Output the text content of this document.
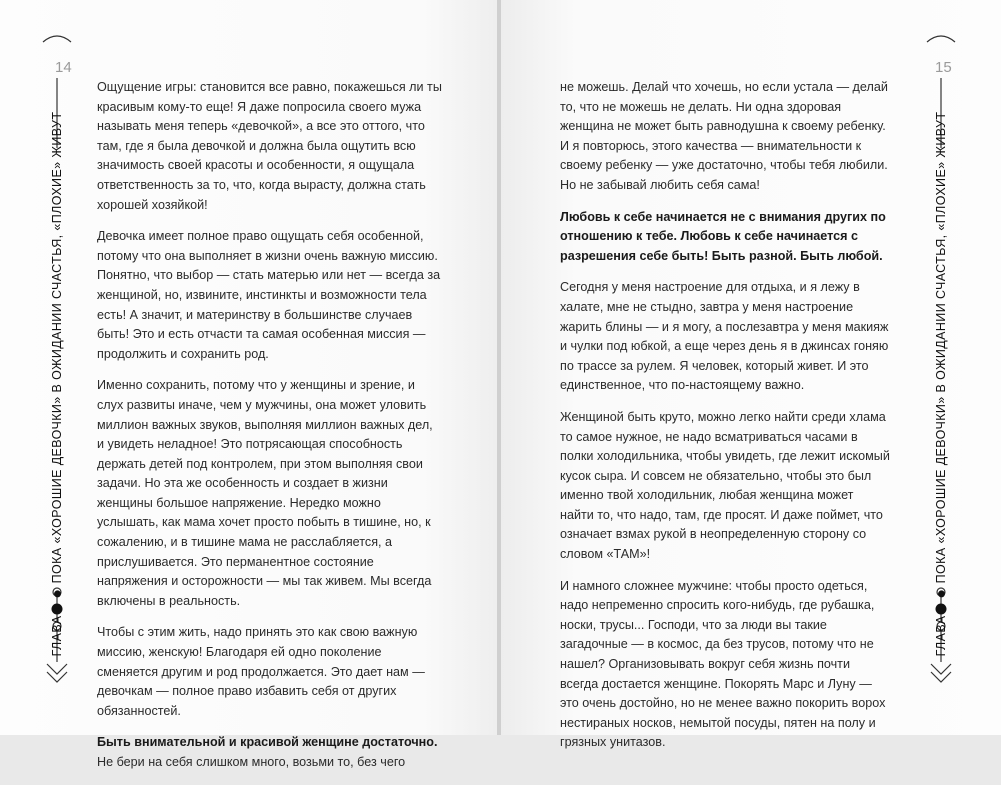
14
ГЛАВА 1ПОКА «ХОРОШИЕ ДЕВОЧКИ» В ОЖИДАНИИ СЧАСТЬЯ, «ПЛОХИЕ» ЖИВУТ

Ощущение игры: становится все равно, покажешься ли ты красивым кому-то еще! Я даже попросила своего мужа называть меня теперь «девочкой», а все это оттого, что там, где я была девочкой и должна была ощутить всю значимость своей красоты и особенности, я ощущала ответственность за то, что, когда вырасту, должна стать хорошей хозяйкой!

Девочка имеет полное право ощущать себя особенной, потому что она выполняет в жизни очень важную миссию. Понятно, что выбор — стать матерью или нет — всегда за женщиной, но, извините, инстинкты и возможности тела есть! А значит, и материнству в большинстве случаев быть! Это и есть отчасти та самая особенная миссия — продолжить и сохранить род.

Именно сохранить, потому что у женщины и зрение, и слух развиты иначе, чем у мужчины, она может уловить миллион важных звуков, выполняя миллион важных дел, и увидеть неладное! Это потрясающая способность держать детей под контролем, при этом выполняя свои задачи. Но эта же особенность и создает в жизни женщины большое напряжение. Нередко можно услышать, как мама хочет просто побыть в тишине, но, к сожалению, и в тишине мама не расслабляется, а прислушивается. Это перманентное состояние напряжения и осторожности — мы так живем. Мы всегда включены в реальность.

Чтобы с этим жить, надо принять это как свою важную миссию, женскую! Благодаря ей одно поколение сменяется другим и род продолжается. Это дает нам — девочкам — полное право избавить себя от других обязанностей.

Быть внимательной и красивой женщине достаточно.

Не бери на себя слишком много, возьми то, без чего

15
ГЛАВА 1ПОКА «ХОРОШИЕ ДЕВОЧКИ» В ОЖИДАНИИ СЧАСТЬЯ, «ПЛОХИЕ» ЖИВУТ

не можешь. Делай что хочешь, но если устала — делай то, что не можешь не делать. Ни одна здоровая женщина не может быть равнодушна к своему ребенку. И я повторюсь, этого качества — внимательности к своему ребенку — уже достаточно, чтобы тебя любили. Но не забывай любить себя сама!

Любовь к себе начинается не с внимания других по отношению к тебе. Любовь к себе начинается с разрешения себе быть! Быть разной. Быть любой.

Сегодня у меня настроение для отдыха, и я лежу в халате, мне не стыдно, завтра у меня настроение жарить блины — и я могу, а послезавтра у меня макияж и чулки под юбкой, а еще через день я в джинсах гоняю по трассе за рулем. Я человек, который живет. И это единственное, что по-настоящему важно.

Женщиной быть круто, можно легко найти среди хлама то самое нужное, не надо всматриваться часами в полки холодильника, чтобы увидеть, где лежит искомый кусок сыра. И совсем не обязательно, чтобы это был именно твой холодильник, любая женщина может найти то, что надо, там, где просят. И даже поймет, что означает взмах рукой в неопределенную сторону со словом «ТАМ»!

И намного сложнее мужчине: чтобы просто одеться, надо непременно спросить кого-нибудь, где рубашка, носки, трусы... Господи, что за люди вы такие загадочные — в космос, да без трусов, потому что не нашел? Организовывать вокруг себя жизнь почти всегда достается женщине. Покорять Марс и Луну — это очень достойно, но не менее важно покорить ворох нестираных носков, немытой посуды, пятен на полу и грязных унитазов.
